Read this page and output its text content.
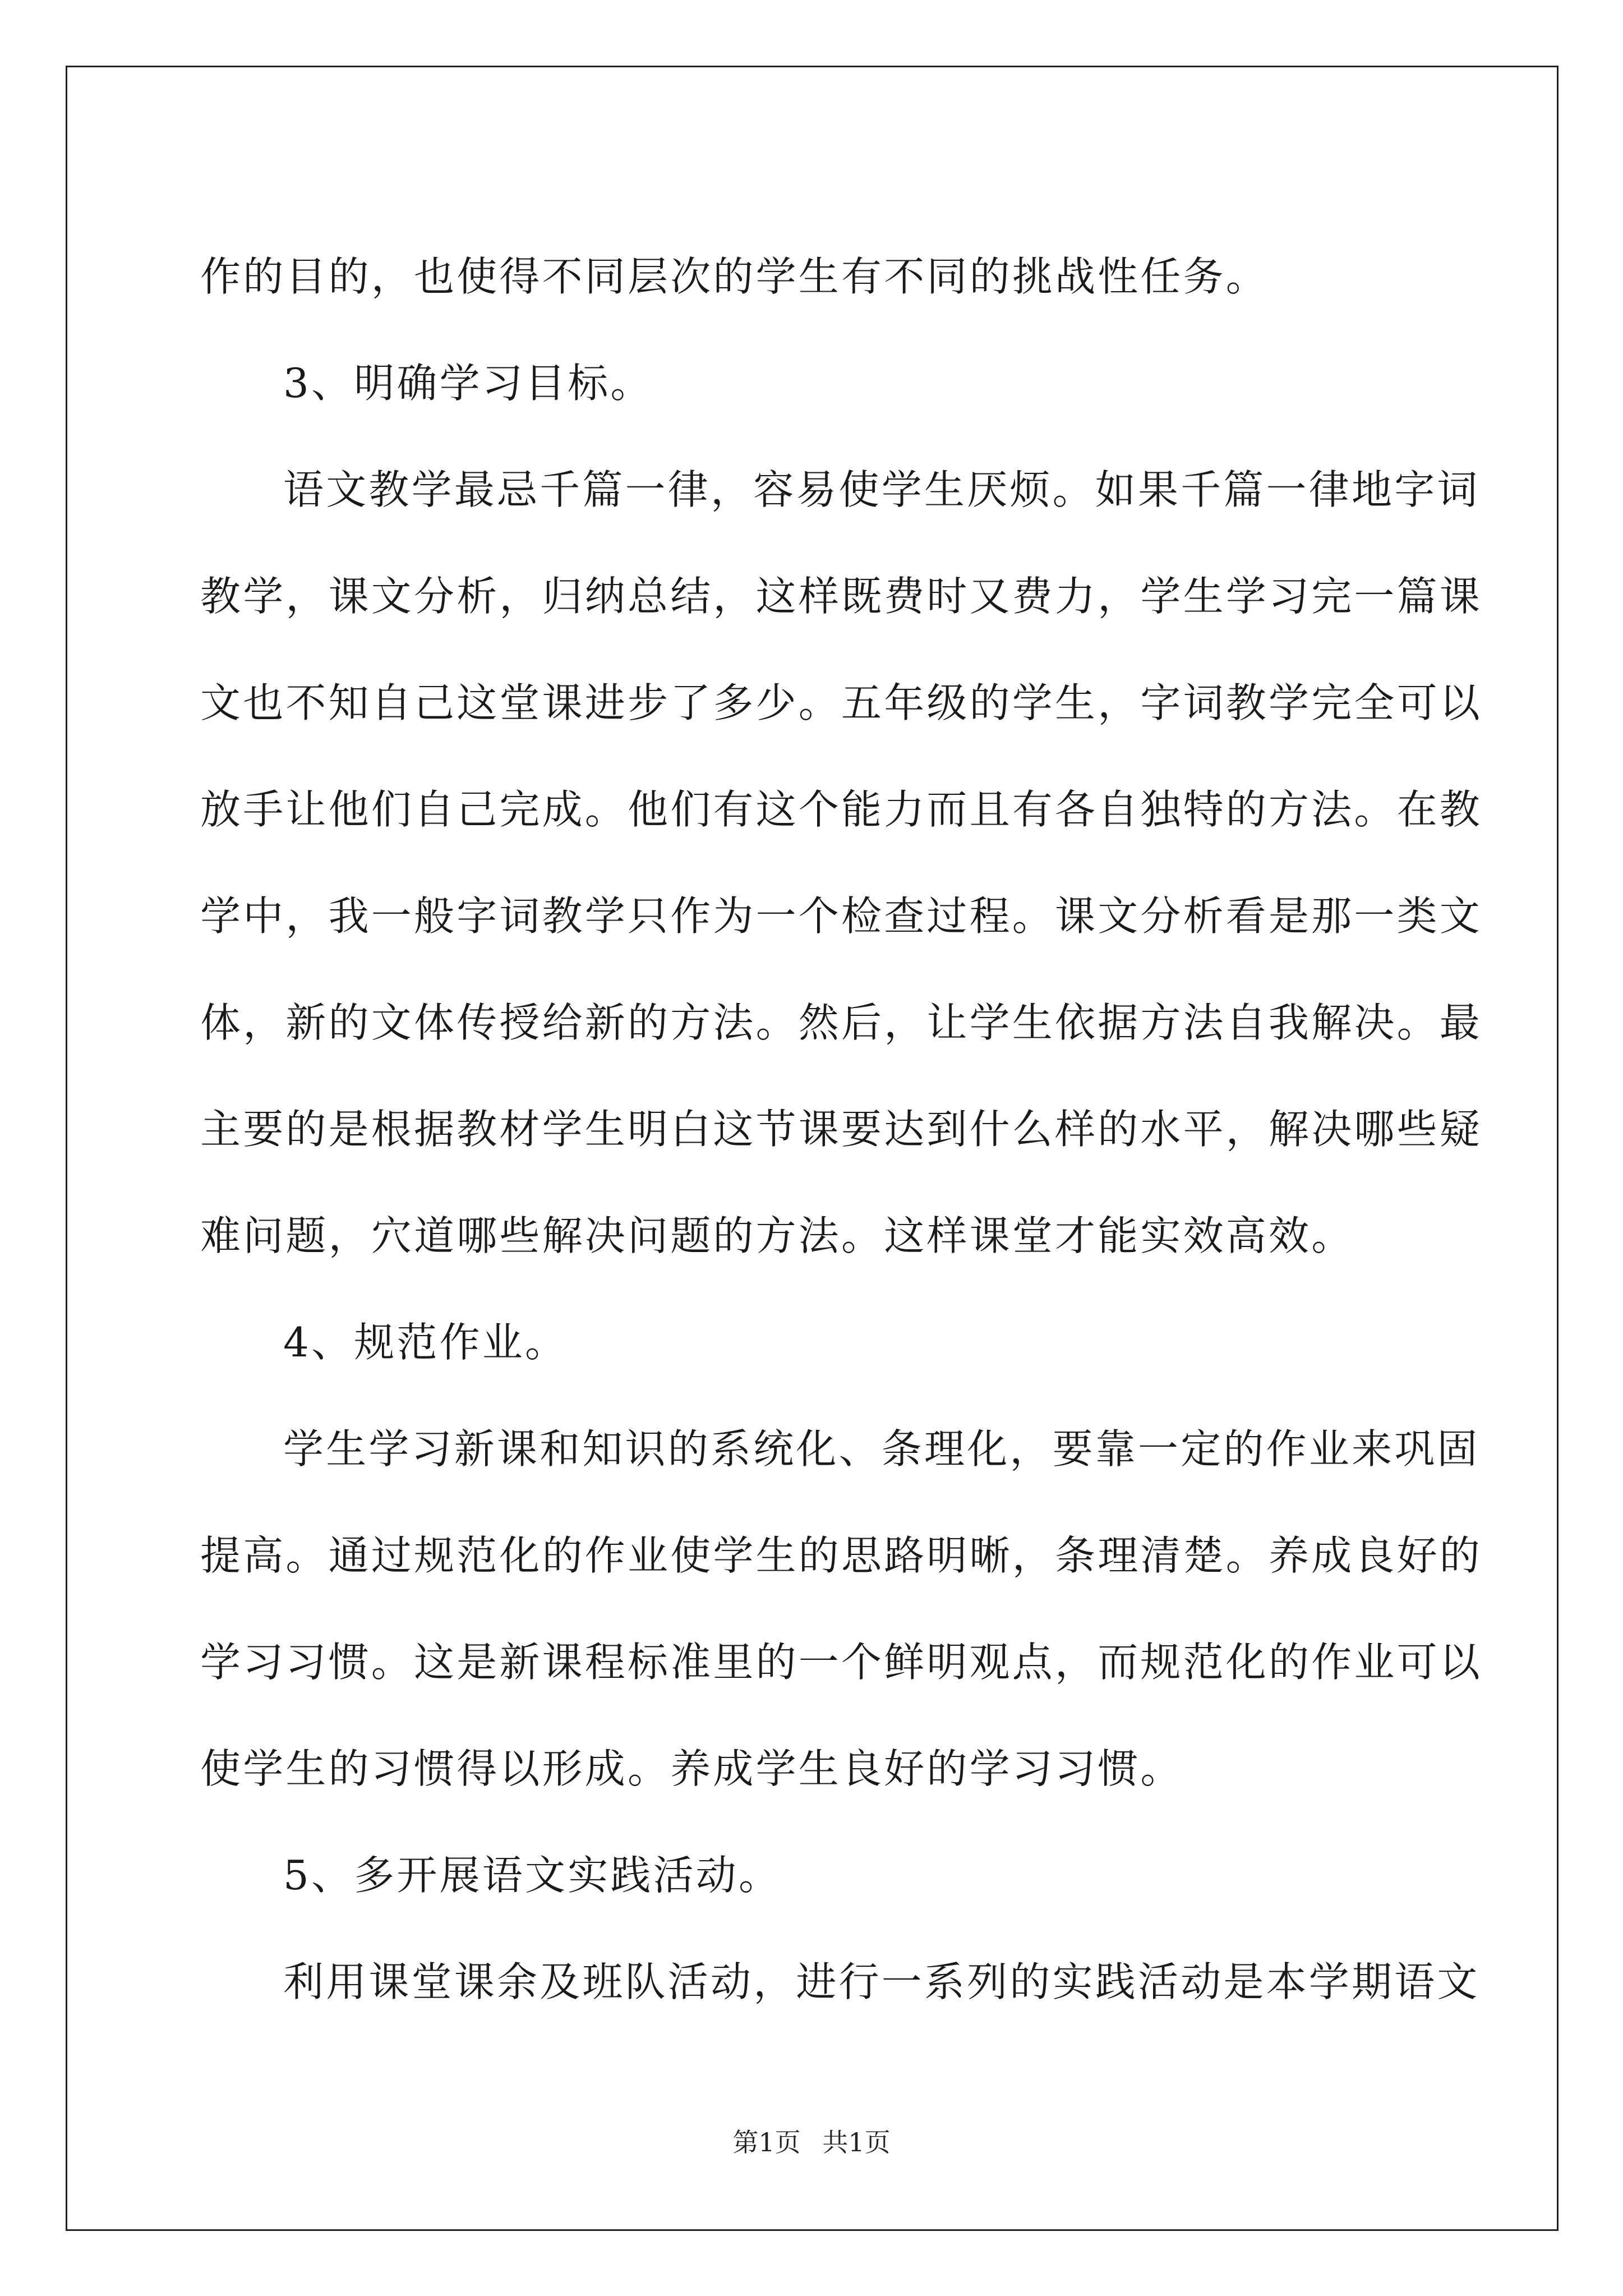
作的目的，也使得不同层次的学生有不同的挑战性任务。
3、明确学习目标。
语文教学最忌千篇一律，容易使学生厌烦。如果千篇一律地字词
教学，课文分析，归纳总结，这样既费时又费力，学生学习完一篇课
文也不知自己这堂课进步了多少。五年级的学生，字词教学完全可以
放手让他们自己完成。他们有这个能力而且有各自独特的方法。在教
学中，我一般字词教学只作为一个检查过程。课文分析看是那一类文
体，新的文体传授给新的方法。然后，让学生依据方法自我解决。最
主要的是根据教材学生明白这节课要达到什么样的水平，解决哪些疑
难问题，穴道哪些解决问题的方法。这样课堂才能实效高效。
4、规范作业。
学生学习新课和知识的系统化、条理化，要靠一定的作业来巩固
提高。通过规范化的作业使学生的思路明晰，条理清楚。养成良好的
学习习惯。这是新课程标准里的一个鲜明观点，而规范化的作业可以
使学生的习惯得以形成。养成学生良好的学习习惯。
5、多开展语文实践活动。
利用课堂课余及班队活动，进行一系列的实践活动是本学期语文
第1页 共1页
